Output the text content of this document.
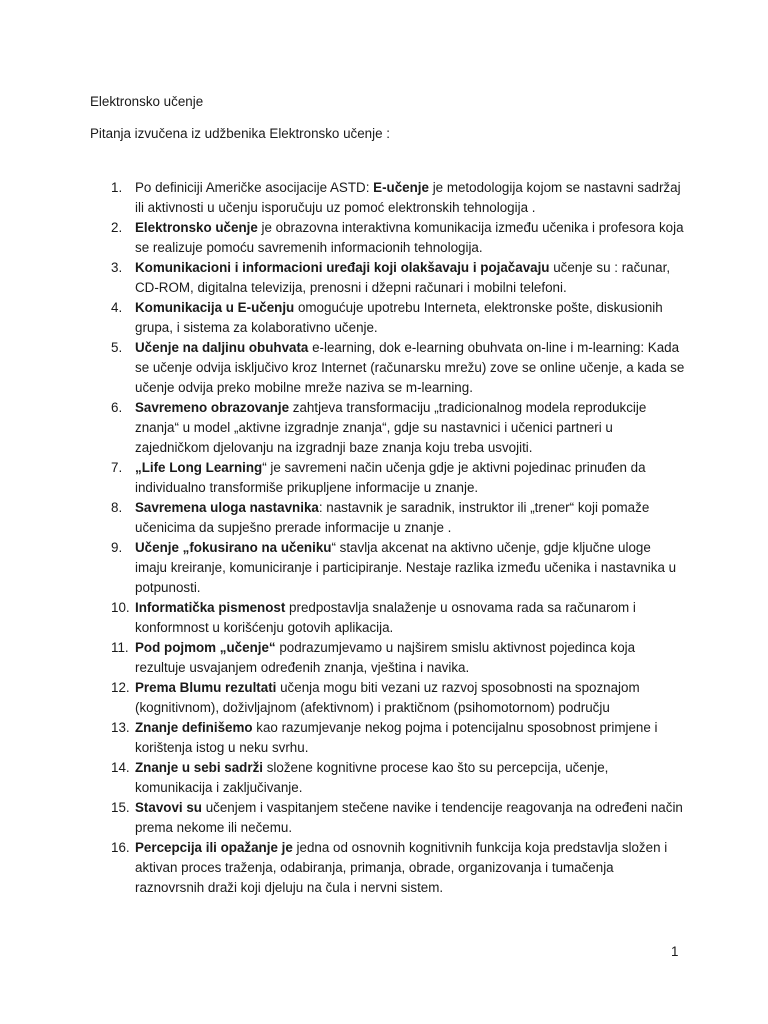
Elektronsko učenje
Pitanja izvučena iz udžbenika Elektronsko učenje :
1. Po definiciji Američke asocijacije ASTD: E-učenje je metodologija kojom se nastavni sadržaj ili aktivnosti u učenju isporučuju uz pomoć elektronskih tehnologija .
2. Elektronsko učenje je obrazovna interaktivna komunikacija između učenika i profesora koja se realizuje pomoću savremenih informacionih tehnologija.
3. Komunikacioni i informacioni uređaji koji olakšavaju i pojačavaju učenje su : računar, CD-ROM, digitalna televizija, prenosni i džepni računari i mobilni telefoni.
4. Komunikacija u E-učenju omogućuje upotrebu Interneta, elektronske pošte, diskusionih grupa, i sistema za kolaborativno učenje.
5. Učenje na daljinu obuhvata e-learning, dok e-learning obuhvata on-line i m-learning: Kada se učenje odvija isključivo kroz Internet (računarsku mrežu) zove se online učenje, a kada se učenje odvija preko mobilne mreže naziva se m-learning.
6. Savremeno obrazovanje zahtjeva transformaciju „tradicionalnog modela reprodukcije znanja“ u model „aktivne izgradnje znanja“, gdje su nastavnici i učenici partneri u zajedničkom djelovanju na izgradnji baze znanja koju treba usvojiti.
7. „Life Long Learning“ je savremeni način učenja gdje je aktivni pojedinac prinuđen da individualno transformiše prikupljene informacije u znanje.
8. Savremena uloga nastavnika: nastavnik je saradnik, instruktor ili „trener“ koji pomaže učenicima da supješno prerade informacije u znanje .
9. Učenje „fokusirano na učeniku“ stavlja akcenat na aktivno učenje, gdje ključne uloge imaju kreiranje, komuniciranje i participiranje. Nestaje razlika između učenika i nastavnika u potpunosti.
10. Informatička pismenost predpostavlja snalaženje u osnovama rada sa računarom i konformnost u korišćenju gotovih aplikacija.
11. Pod pojmom „učenje“ podrazumjevamo u najširem smislu aktivnost pojedinca koja rezultuje usvajanjem određenih znanja, vještina i navika.
12. Prema Blumu rezultati učenja mogu biti vezani uz razvoj sposobnosti na spoznajom (kognitivnom), doživljajnom (afektivnom) i praktičnom (psihomotornom) području
13. Znanje definišemo kao razumjevanje nekog pojma i potencijalnu sposobnost primjene i korištenja istog u neku svrhu.
14. Znanje u sebi sadrži složene kognitivne procese kao što su percepcija, učenje, komunikacija i zaključivanje.
15. Stavovi su učenjem i vaspitanjem stečene navike i tendencije reagovanja na određeni način prema nekome ili nečemu.
16. Percepcija ili opažanje je jedna od osnovnih kognitivnih funkcija koja predstavlja složen i aktivan proces traženja, odabiranja, primanja, obrade, organizovanja i tumačenja raznovrsnih draži koji djeluju na čula i nervni sistem.
1
